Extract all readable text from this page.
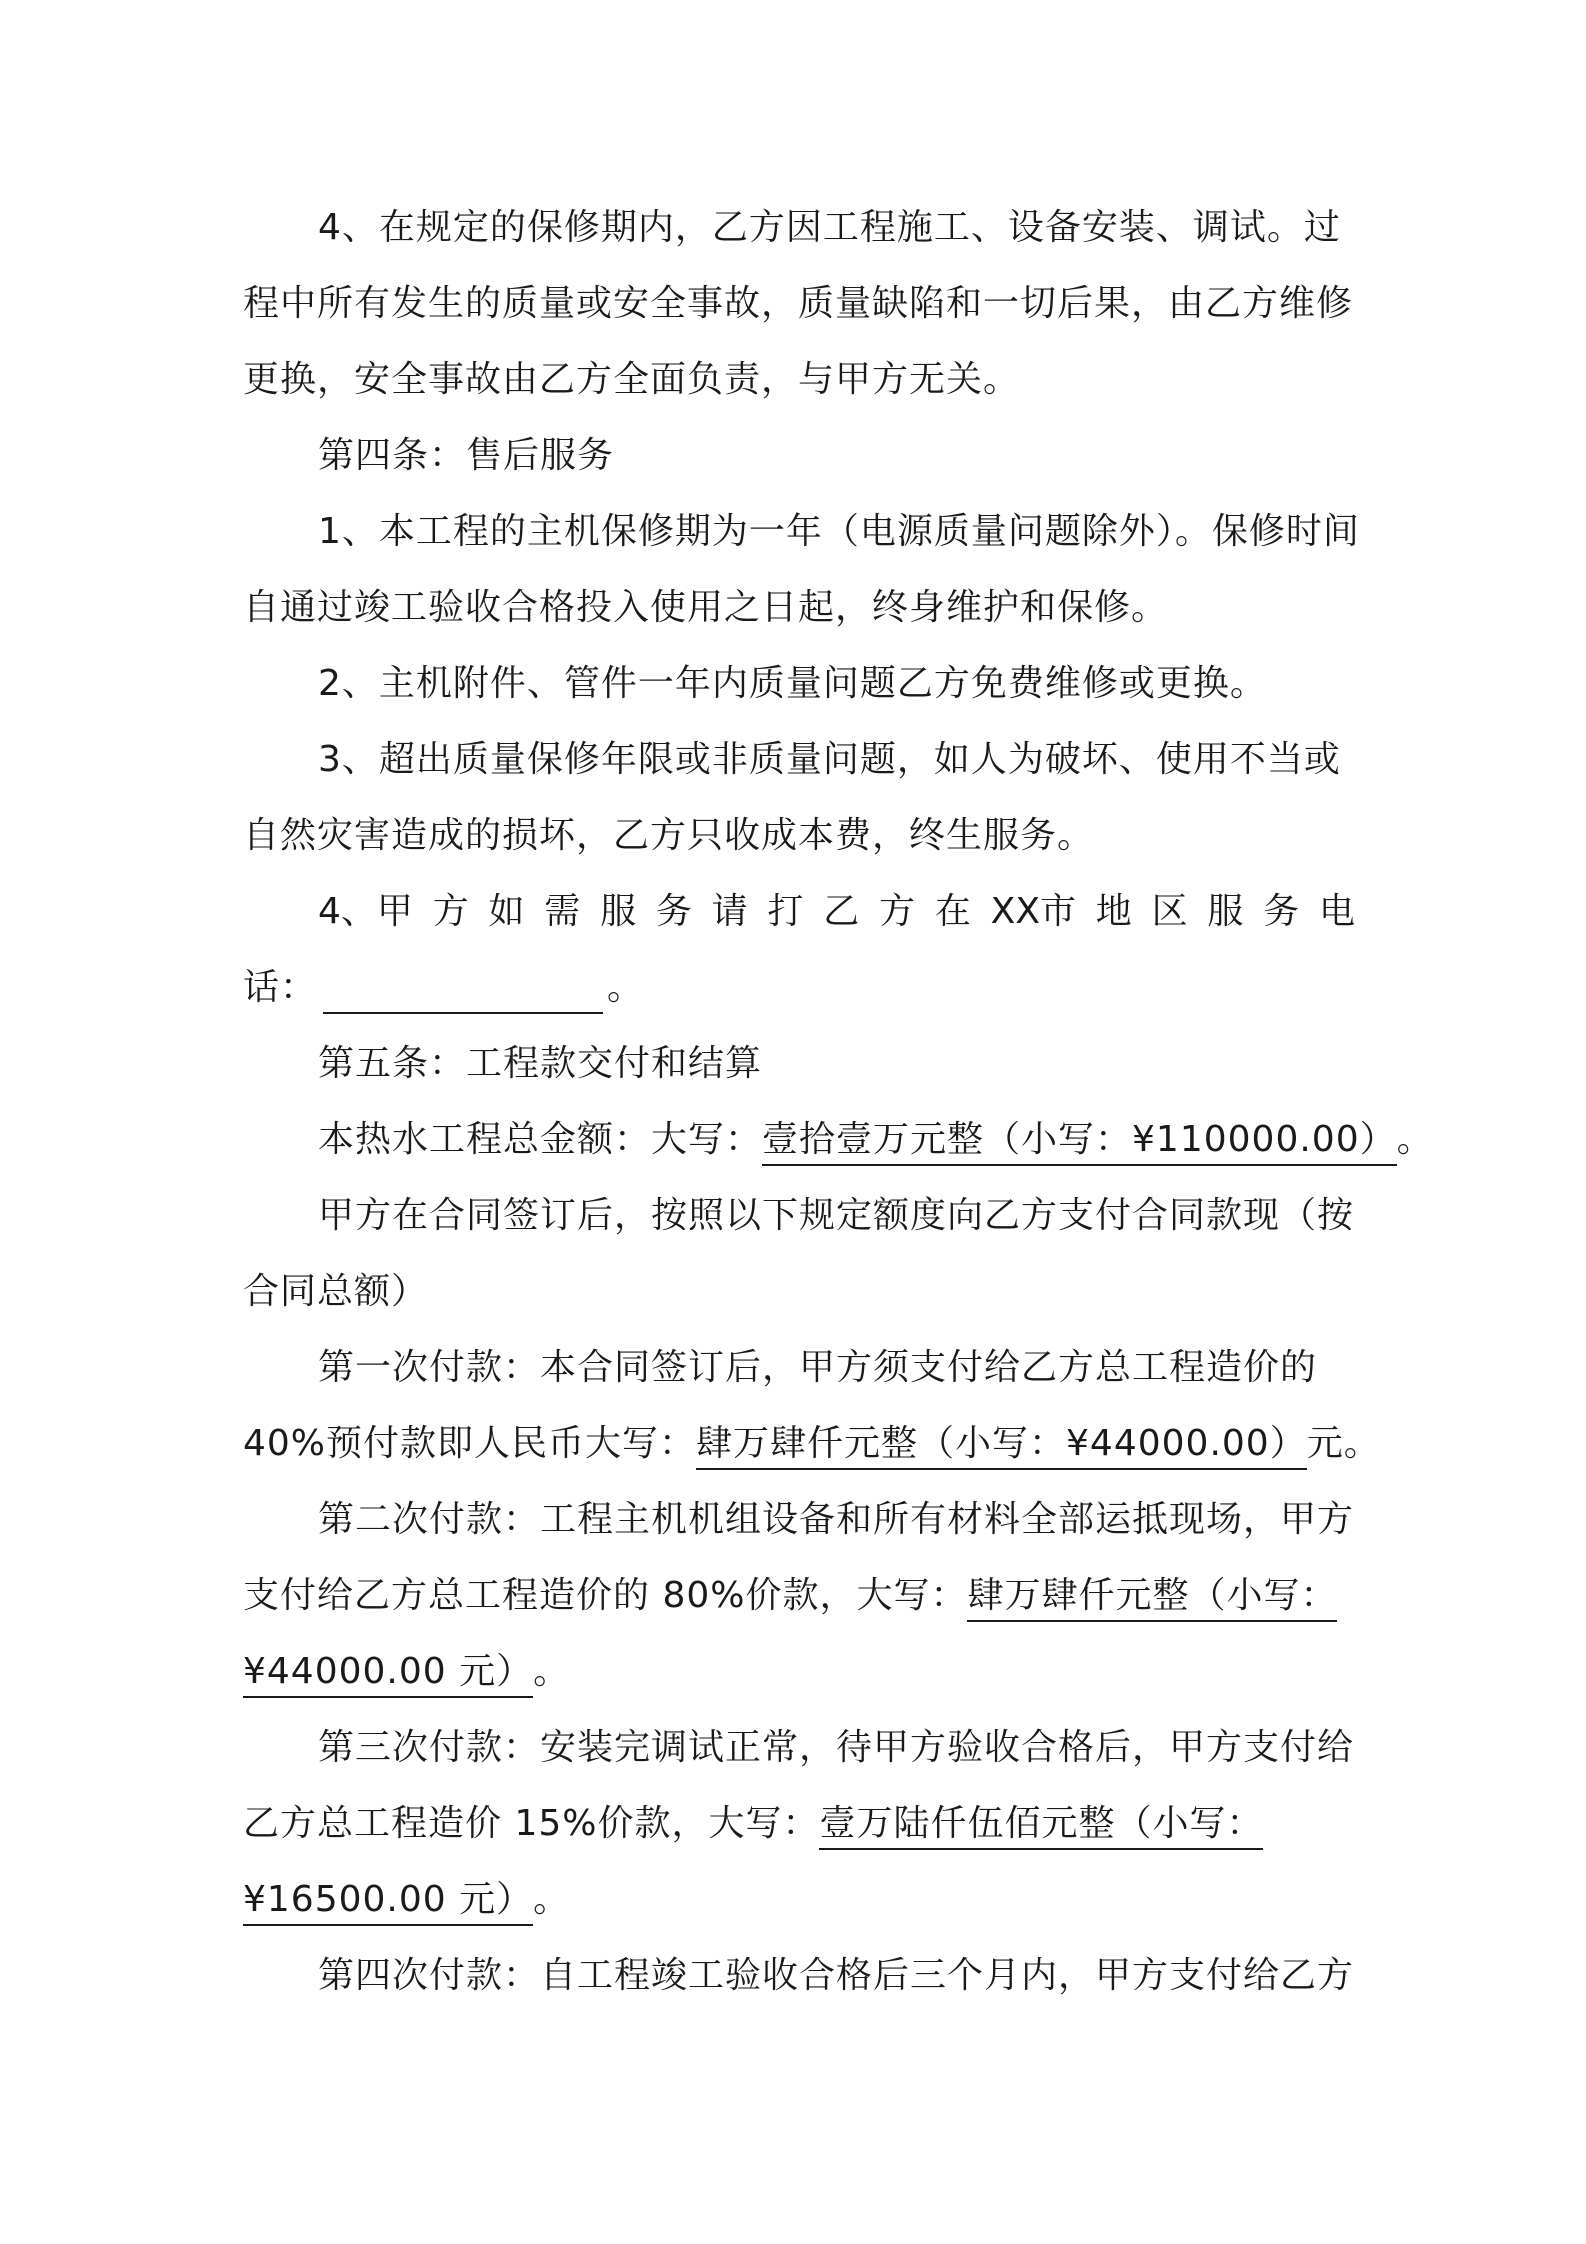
4、在规定的保修期内，乙方因工程施工、设备安装、调试。过
程中所有发生的质量或安全事故，质量缺陷和一切后果，由乙方维修
更换，安全事故由乙方全面负责，与甲方无关。
第四条：售后服务
1、本工程的主机保修期为一年（电源质量问题除外）。保修时间
自通过竣工验收合格投入使用之日起，终身维护和保修。
2、主机附件、管件一年内质量问题乙方免费维修或更换。
3、超出质量保修年限或非质量问题，如人为破坏、使用不当或
自然灾害造成的损坏，乙方只收成本费，终生服务。
4、甲 方 如 需 服 务 请 打 乙 方 在 XX市 地 区 服 务 电
话：	。
第五条：工程款交付和结算
本热水工程总金额：大写：壹拾壹万元整（小写：¥110000.00）。
甲方在合同签订后，按照以下规定额度向乙方支付合同款现（按
合同总额）
第一次付款：本合同签订后，甲方须支付给乙方总工程造价的
40%预付款即人民币大写：肆万肆仟元整（小写：¥44000.00）元。
第二次付款：工程主机机组设备和所有材料全部运抵现场，甲方
支付给乙方总工程造价的 80%价款，大写：肆万肆仟元整（小写：
¥44000.00 元）。
第三次付款：安装完调试正常，待甲方验收合格后，甲方支付给
乙方总工程造价 15%价款，大写：壹万陆仟伍佰元整（小写：
¥16500.00 元）。
第四次付款：自工程竣工验收合格后三个月内，甲方支付给乙方
